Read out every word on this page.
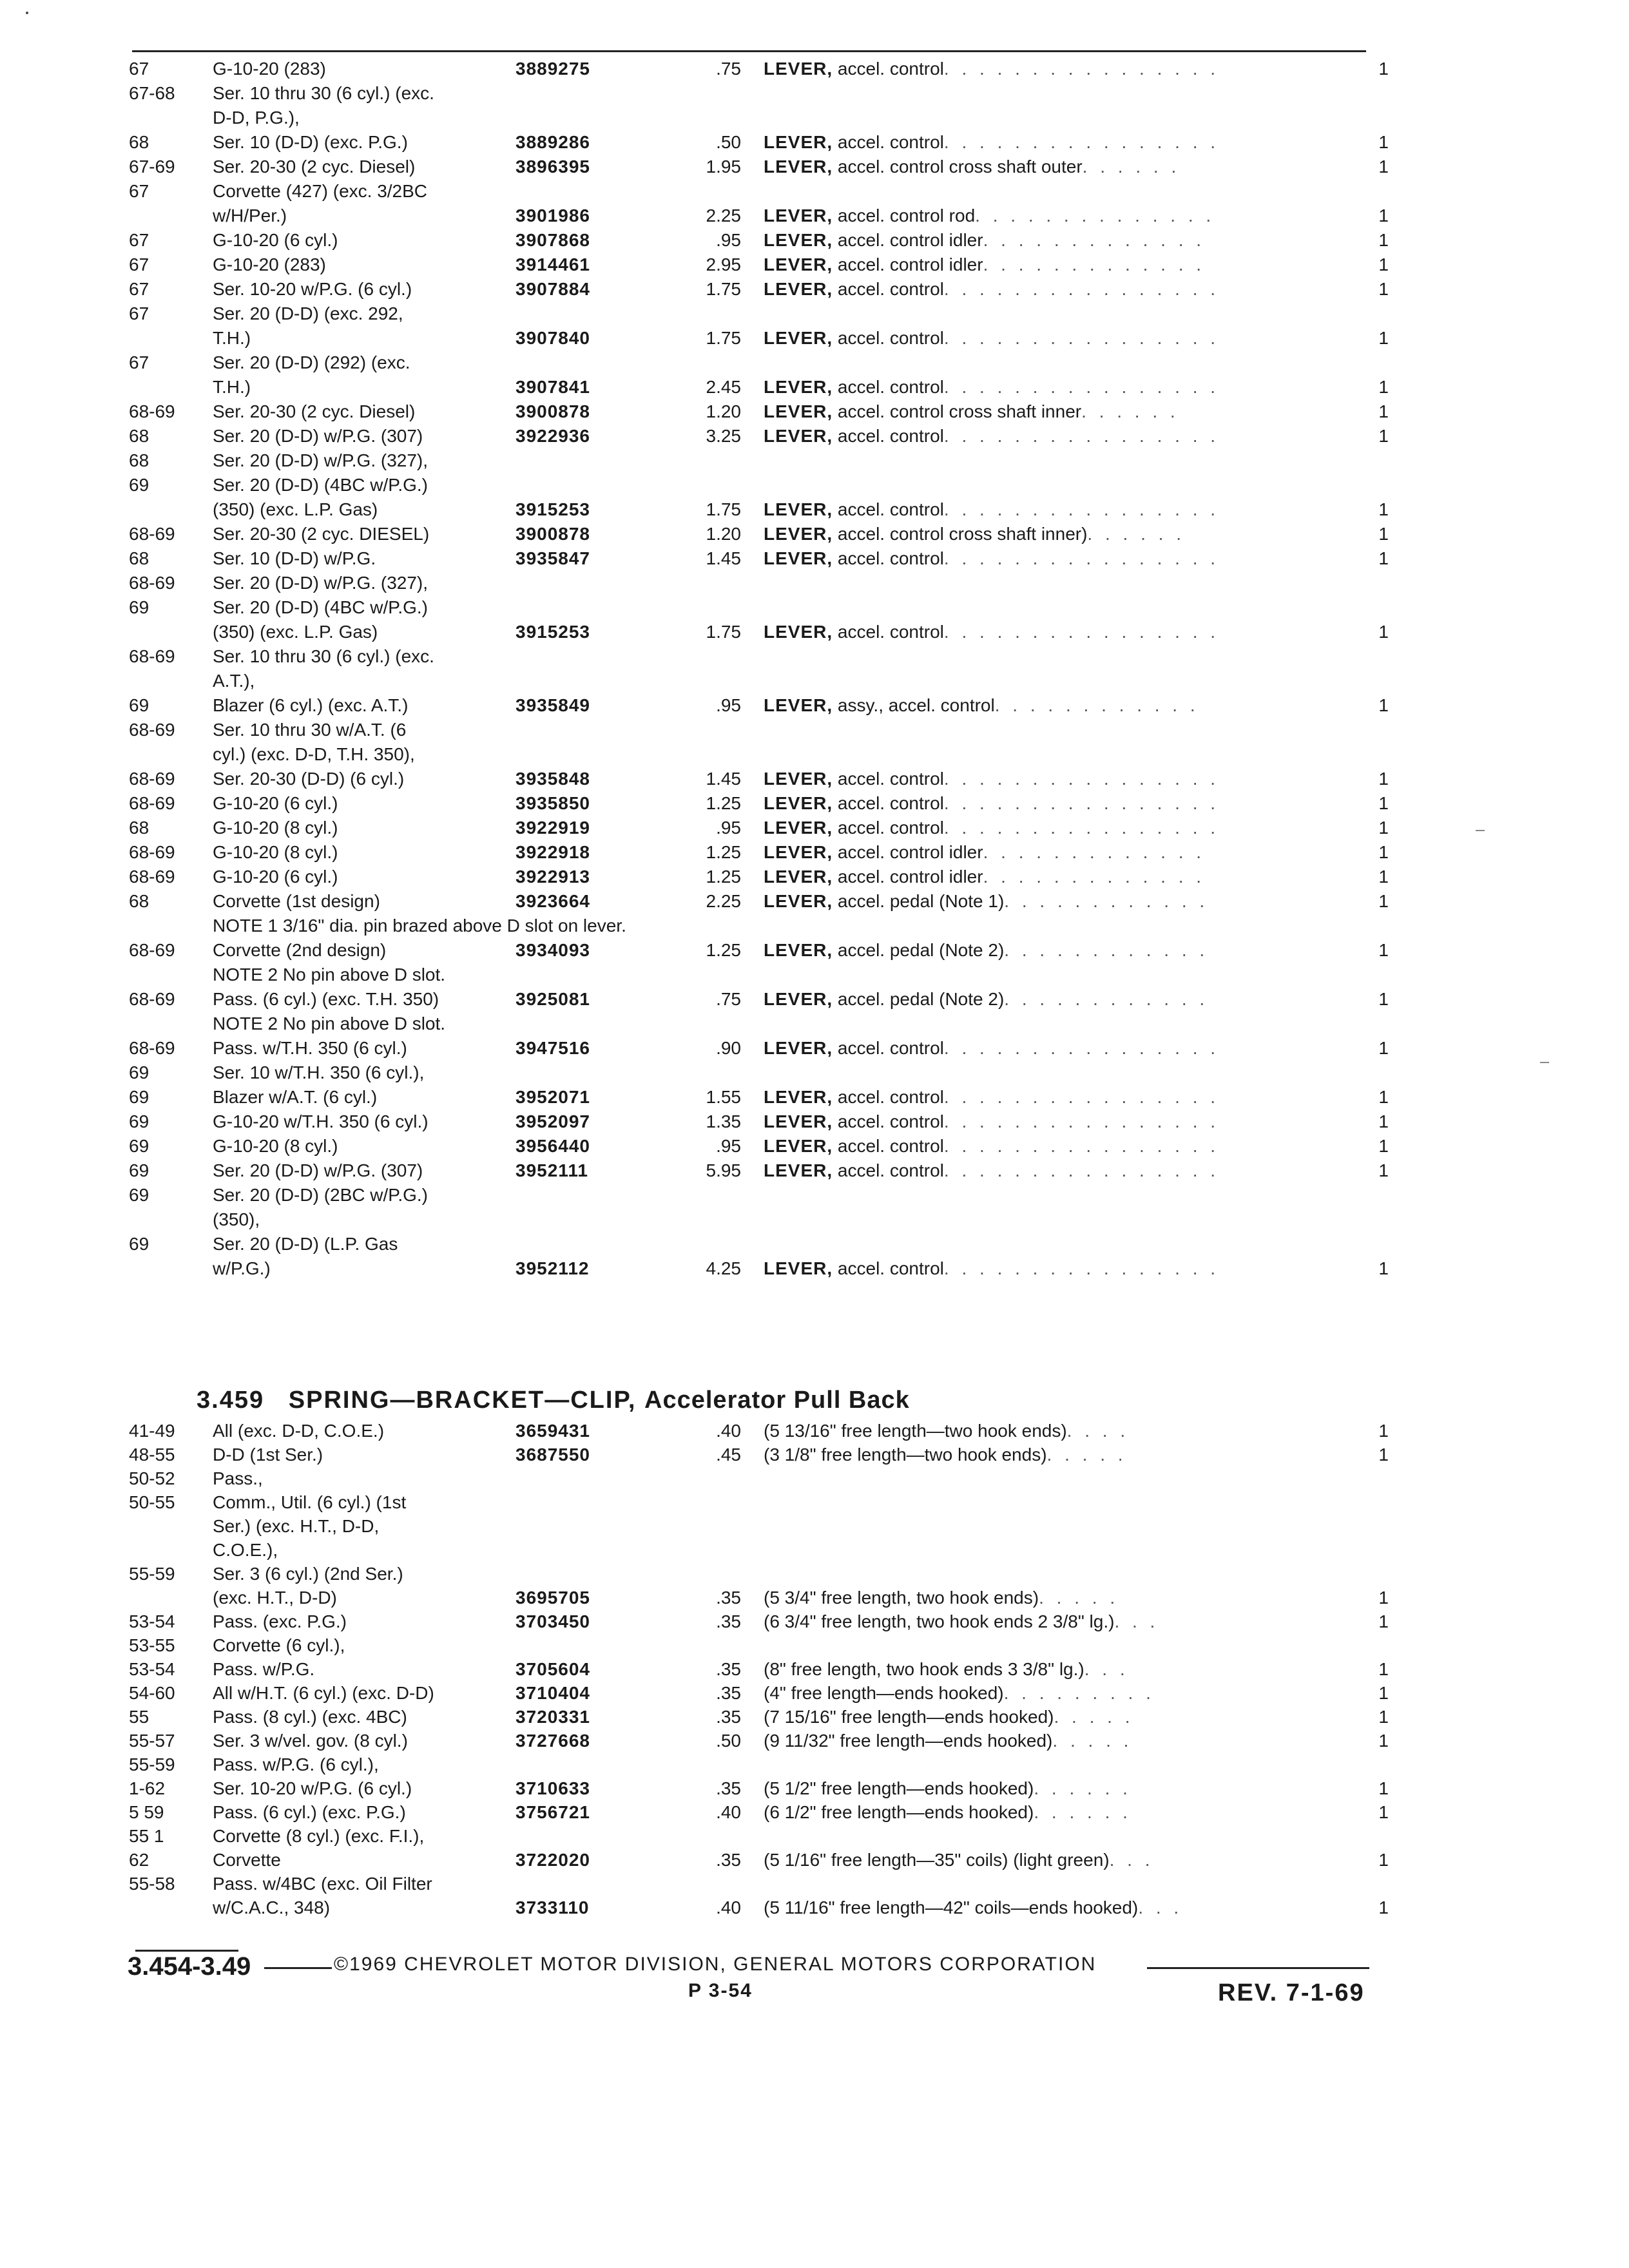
67	G-10-20 (283)	3889275	.75 LEVER, accel. control . . . . . . . . . . . . . . . .	1
67-68 Ser. 10 thru 30 (6 cyl.) (exc.
D-D, P.G.),
68	Ser. 10 (D-D) (exc. P.G.)	3889286	.50 LEVER, accel. control . . . . . . . . . . . . . . . .	1
67-69 Ser. 20-30 (2 cyc. Diesel)	3896395	1.95 LEVER, accel. control cross shaft outer . . . . . .	1
67	Corvette (427) (exc. 3/2BC
w/H/Per.)	3901986	2.25 LEVER, accel. control rod . . . . . . . . . . . . . .	1
67	G-10-20 (6 cyl.)	3907868	.95 LEVER, accel. control idler . . . . . . . . . . . . .	1
67	G-10-20 (283)	3914461	2.95 LEVER, accel. control idler . . . . . . . . . . . . .	1
67	Ser. 10-20 w/P.G. (6 cyl.)	3907884	1.75 LEVER, accel. control . . . . . . . . . . . . . . . .	1
67	Ser. 20 (D-D) (exc. 292,
T.H.)	3907840	1.75 LEVER, accel. control . . . . . . . . . . . . . . . .	1
67	Ser. 20 (D-D) (292) (exc.
T.H.)	3907841	2.45 LEVER, accel. control . . . . . . . . . . . . . . . .	1
68-69 Ser. 20-30 (2 cyc. Diesel)	3900878	1.20 LEVER, accel. control cross shaft inner . . . . . .	1
68	Ser. 20 (D-D) w/P.G. (307)	3922936	3.25 LEVER, accel. control . . . . . . . . . . . . . . . .	1
68	Ser. 20 (D-D) w/P.G. (327),
69	Ser. 20 (D-D) (4BC w/P.G.)
(350) (exc. L.P. Gas)	3915253	1.75 LEVER, accel. control . . . . . . . . . . . . . . . .	1
68-69 Ser. 20-30 (2 cyc. DIESEL)	3900878	1.20 LEVER, accel. control cross shaft inner) . . . . . .	1
68	Ser. 10 (D-D) w/P.G.	3935847	1.45 LEVER, accel. control . . . . . . . . . . . . . . . .	1
68-69 Ser. 20 (D-D) w/P.G. (327),
69	Ser. 20 (D-D) (4BC w/P.G.)
(350) (exc. L.P. Gas)	3915253	1.75 LEVER, accel. control . . . . . . . . . . . . . . . .	1
68-69 Ser. 10 thru 30 (6 cyl.) (exc.
A.T.),
69	Blazer (6 cyl.) (exc. A.T.)	3935849	.95 LEVER, assy., accel. control . . . . . . . . . . . .	1
68-69 Ser. 10 thru 30 w/A.T. (6
cyl.) (exc. D-D, T.H. 350),
68-69 Ser. 20-30 (D-D) (6 cyl.)	3935848	1.45 LEVER, accel. control . . . . . . . . . . . . . . . .	1
68-69 G-10-20 (6 cyl.)	3935850	1.25 LEVER, accel. control . . . . . . . . . . . . . . . .	1
68	G-10-20 (8 cyl.)	3922919	.95 LEVER, accel. control . . . . . . . . . . . . . . . .	1
68-69 G-10-20 (8 cyl.)	3922918	1.25 LEVER, accel. control idler . . . . . . . . . . . . .	1
68-69 G-10-20 (6 cyl.)	3922913	1.25 LEVER, accel. control idler . . . . . . . . . . . . .	1
68	Corvette (1st design)	3923664	2.25 LEVER, accel. pedal (Note 1) . . . . . . . . . . . .	1
NOTE 1 3/16" dia. pin brazed above D slot on lever.
68-69 Corvette (2nd design)	3934093	1.25 LEVER, accel. pedal (Note 2) . . . . . . . . . . . .	1
NOTE 2 No pin above D slot.
68-69 Pass. (6 cyl.) (exc. T.H. 350)	3925081	.75 LEVER, accel. pedal (Note 2) . . . . . . . . . . . .	1
NOTE 2 No pin above D slot.
68-69 Pass. w/T.H. 350 (6 cyl.)	3947516	.90 LEVER, accel. control . . . . . . . . . . . . . . . .	1
69	Ser. 10 w/T.H. 350 (6 cyl.),
69	Blazer w/A.T. (6 cyl.)	3952071	1.55 LEVER, accel. control . . . . . . . . . . . . . . . .	1
69	G-10-20 w/T.H. 350 (6 cyl.)	3952097	1.35 LEVER, accel. control . . . . . . . . . . . . . . . .	1
69	G-10-20 (8 cyl.)	3956440	.95 LEVER, accel. control . . . . . . . . . . . . . . . .	1
69	Ser. 20 (D-D) w/P.G. (307)	3952111	5.95 LEVER, accel. control . . . . . . . . . . . . . . . .	1
69	Ser. 20 (D-D) (2BC w/P.G.)
(350),
69	Ser. 20 (D-D) (L.P. Gas
w/P.G.)	3952112	4.25 LEVER, accel. control . . . . . . . . . . . . . . . .	1
3.459 SPRING—BRACKET—CLIP, Accelerator Pull Back
41-49 All (exc. D-D, C.O.E.)	3659431	.40 (5 13/16" free length—two hook ends) . . . .	1
48-55 D-D (1st Ser.)	3687550	.45 (3 1/8" free length—two hook ends) . . . . .	1
50-52 Pass.,
50-55 Comm., Util. (6 cyl.) (1st
Ser.) (exc. H.T., D-D,
C.O.E.),
55-59 Ser. 3 (6 cyl.) (2nd Ser.)
(exc. H.T., D-D)	3695705	.35 (5 3/4" free length, two hook ends) . . . . .	1
53-54 Pass. (exc. P.G.)	3703450	.35 (6 3/4" free length, two hook ends 2 3/8" lg.) . . .	1
53-55 Corvette (6 cyl.),
53-54 Pass. w/P.G.	3705604	.35 (8" free length, two hook ends 3 3/8" lg.) . . .	1
54-60 All w/H.T. (6 cyl.) (exc. D-D)	3710404	.35 (4" free length—ends hooked) . . . . . . . . .	1
55	Pass. (8 cyl.) (exc. 4BC)	3720331	.35 (7 15/16" free length—ends hooked) . . . . .	1
55-57 Ser. 3 w/vel. gov. (8 cyl.)	3727668	.50 (9 11/32" free length—ends hooked) . . . . .	1
55-59 Pass. w/P.G. (6 cyl.),
1-62	Ser. 10-20 w/P.G. (6 cyl.)	3710633	.35 (5 1/2" free length—ends hooked) . . . . . .	1
5 59	Pass. (6 cyl.) (exc. P.G.)	3756721	.40 (6 1/2" free length—ends hooked) . . . . . .	1
55 1	Corvette (8 cyl.) (exc. F.I.),
62	Corvette	3722020	.35 (5 1/16" free length—35" coils) (light green) . . .	1
55-58 Pass. w/4BC (exc. Oil Filter
w/C.A.C., 348)	3733110	.40 (5 11/16" free length—42" coils—ends hooked) . . .	1
3.454-3.49	©1969 CHEVROLET MOTOR DIVISION, GENERAL MOTORS CORPORATION
P 3-54	REV. 7-1-69
